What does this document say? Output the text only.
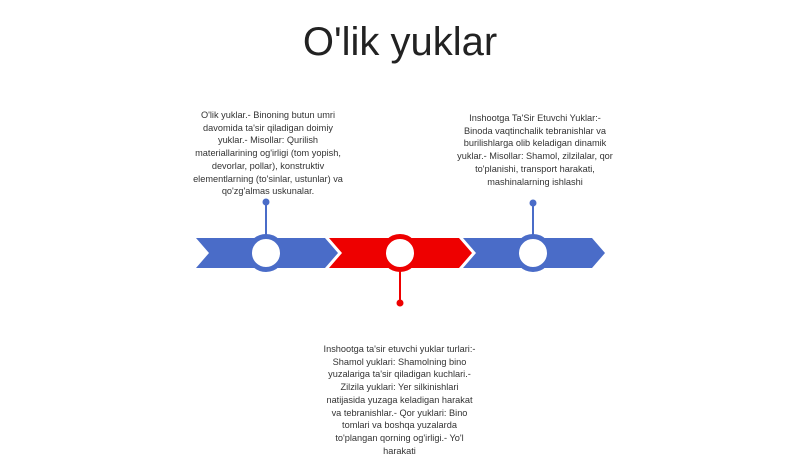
O'lik yuklar
O'lik yuklar.- Binoning butun umri davomida ta'sir qiladigan doimiy yuklar.- Misollar: Qurilish materiallarining og'irligi (tom yopish, devorlar, pollar), konstruktiv elementlarning (to'sinlar, ustunlar) va qo'zg'almas uskunalar.
Inshootga Ta'Sir Etuvchi Yuklar:- Binoda vaqtinchalik tebranishlar va burilishlarga olib keladigan dinamik yuklar.- Misollar: Shamol, zilzilalar, qor to'planishi, transport harakati, mashinalarning ishlashi
Inshootga ta'sir etuvchi yuklar turlari:- Shamol yuklari: Shamolning bino yuzalariga ta'sir qiladigan kuchlari.- Zilzila yuklari: Yer silkinishlari natijasida yuzaga keladigan harakat va tebranishlar.- Qor yuklari: Bino tomlari va boshqa yuzalarda to'plangan qorning og'irligi.- Yo'l harakati
